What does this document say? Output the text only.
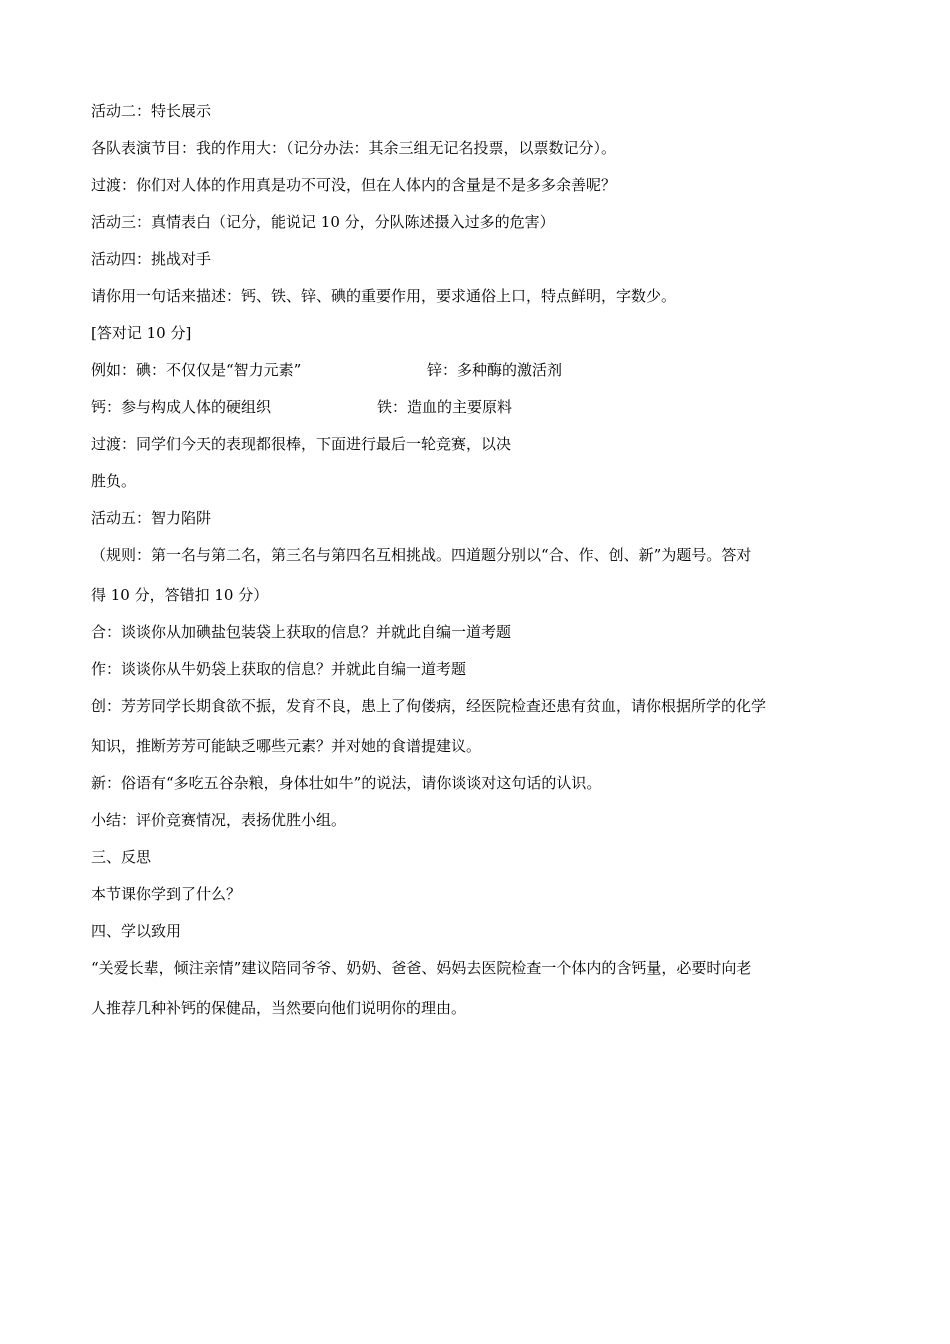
活动二：特长展示
各队表演节目：我的作用大：（记分办法：其余三组无记名投票，以票数记分）。
过渡：你们对人体的作用真是功不可没，但在人体内的含量是不是多多余善呢？
活动三：真情表白（记分，能说记 10 分，分队陈述摄入过多的危害）
活动四：挑战对手
请你用一句话来描述：钙、铁、锌、碘的重要作用，要求通俗上口，特点鲜明，字数少。
[答对记 10 分]
例如：碘：不仅仅是“智力元素”	锌：多种酶的激活剂
钙：参与构成人体的硬组织	铁：造血的主要原料
过渡：同学们今天的表现都很棒，下面进行最后一轮竞赛，以决
胜负。
活动五：智力陷阱
（规则：第一名与第二名，第三名与第四名互相挑战。四道题分别以“合、作、创、新”为题号。答对
得 10 分，答错扣 10 分）
合：谈谈你从加碘盐包装袋上获取的信息？并就此自编一道考题
作：谈谈你从牛奶袋上获取的信息？并就此自编一道考题
创：芳芳同学长期食欲不振，发育不良，患上了佝偻病，经医院检查还患有贫血，请你根据所学的化学
知识，推断芳芳可能缺乏哪些元素？并对她的食谱提建议。
新：俗语有“多吃五谷杂粮，身体壮如牛”的说法，请你谈谈对这句话的认识。
小结：评价竞赛情况，表扬优胜小组。
三、反思
本节课你学到了什么？
四、学以致用
“关爱长辈，倾注亲情”建议陪同爷爷、奶奶、爸爸、妈妈去医院检查一个体内的含钙量，必要时向老
人推荐几种补钙的保健品，当然要向他们说明你的理由。
